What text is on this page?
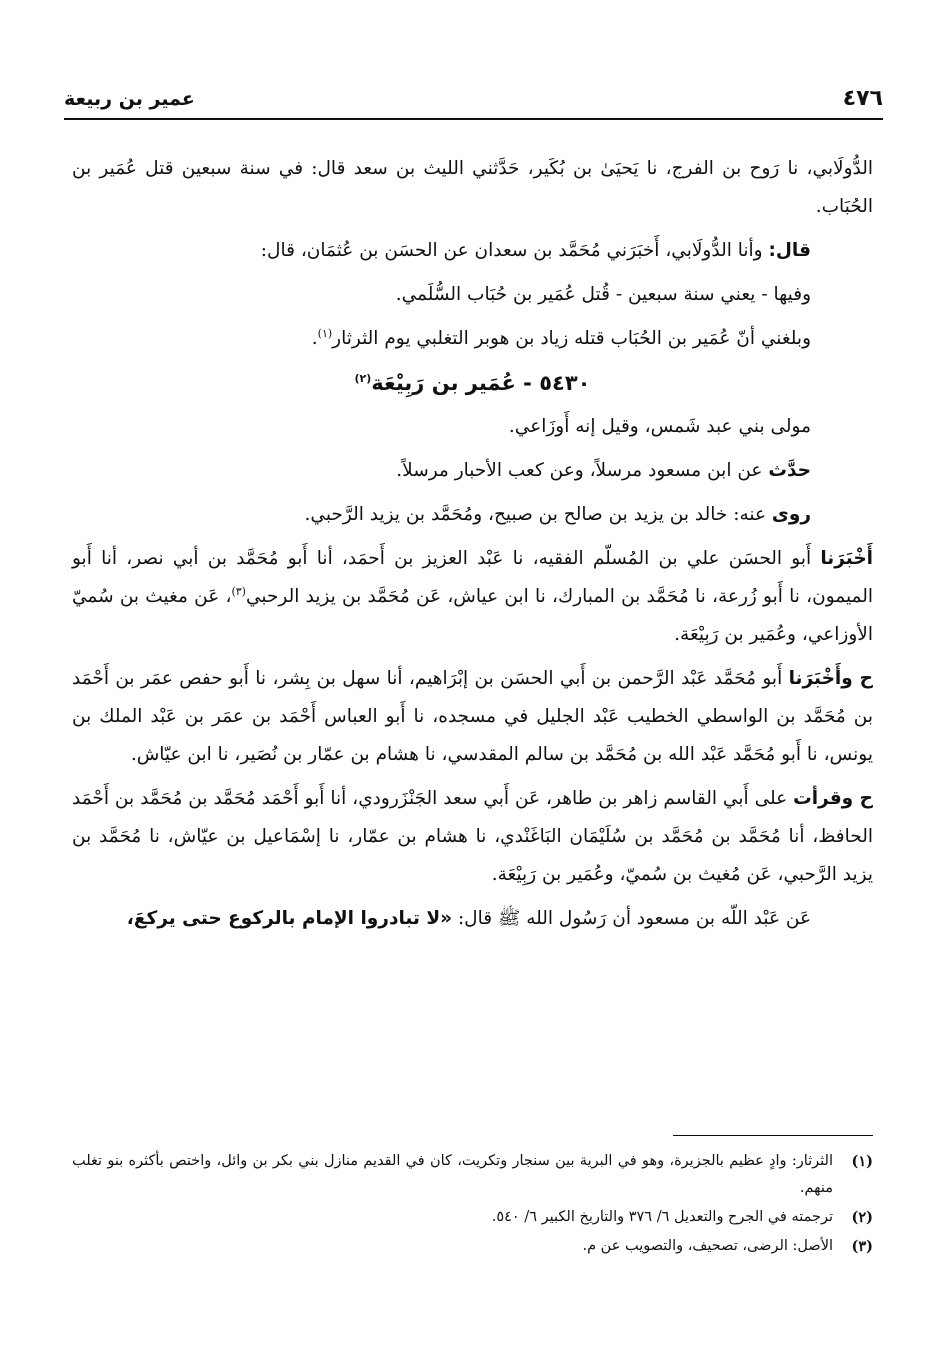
٤٧٦
عمير بن ربيعة

الدُّولَابي، نا رَوح بن الفرج، نا يَحيَىٰ بن بُكَير، حَدَّثني الليث بن سعد قال: في سنة سبعين قتل عُمَير بن الحُبَاب.

قال: وأنا الدُّولَابي، أَخبَرَني مُحَمَّد بن سعدان عن الحسَن بن عُثمَان، قال:

وفيها - يعني سنة سبعين - قُتل عُمَير بن حُبَاب السُّلَمي.

وبلغني أنّ عُمَير بن الحُبَاب قتله زياد بن هوبر التغلبي يوم الثرثار$^{(١)}$.

٥٤٣٠ - عُمَير بن رَبِيْعَة$^{(٢)}$

مولى بني عبد شَمس، وقيل إنه أَوزَاعي.

حدَّث عن ابن مسعود مرسلاً، وعن كعب الأحبار مرسلاً.

روى عنه: خالد بن يزيد بن صالح بن صبيح، ومُحَمَّد بن يزيد الرَّحبي.

أَخْبَرَنا أَبو الحسَن علي بن المُسلّم الفقيه، نا عَبْد العزيز بن أَحمَد، أنا أَبو مُحَمَّد بن أبي نصر، أنا أَبو الميمون، نا أَبو زُرعة، نا مُحَمَّد بن المبارك، نا ابن عياش، عَن مُحَمَّد بن يزيد الرحبي$^{(٣)}$، عَن مغيث بن سُميّ الأوزاعي، وعُمَير بن رَبِيْعَة.

ح وأَخْبَرَنا أَبو مُحَمَّد عَبْد الرَّحمن بن أَبي الحسَن بن إبْرَاهيم، أنا سهل بن بِشر، نا أَبو حفص عمَر بن أَحْمَد بن مُحَمَّد بن الواسطي الخطيب عَبْد الجليل في مسجده، نا أَبو العباس أَحْمَد بن عمَر بن عَبْد الملك بن يونس، نا أَبو مُحَمَّد عَبْد الله بن مُحَمَّد بن سالم المقدسي، نا هشام بن عمّار بن نُصَير، نا ابن عيّاش.

ح وقرأت على أَبي القاسم زاهر بن طاهر، عَن أَبي سعد الجَنْزَرودي، أنا أَبو أَحْمَد مُحَمَّد بن مُحَمَّد بن أَحْمَد الحافظ، أنا مُحَمَّد بن مُحَمَّد بن سُلَيْمَان البَاغَنْدي، نا هشام بن عمّار، نا إسْمَاعيل بن عيّاش، نا مُحَمَّد بن يزيد الرَّحبي، عَن مُغيث بن سُميّ، وعُمَير بن رَبِيْعَة.

عَن عَبْد اللّه بن مسعود أن رَسُول الله ﷺ قال: «لا تبادروا الإمام بالركوع حتى يركعَ،

(١)
الثرثار: وادٍ عظيم بالجزيرة، وهو في البرية بين سنجار وتكريت، كان في القديم منازل بني بكر بن وائل، واختص بأكثره بنو تغلب منهم.
(٢)
ترجمته في الجرح والتعديل ٦/ ٣٧٦ والتاريخ الكبير ٦/ ٥٤٠.
(٣)
الأصل: الرضى، تصحيف، والتصويب عن م.
